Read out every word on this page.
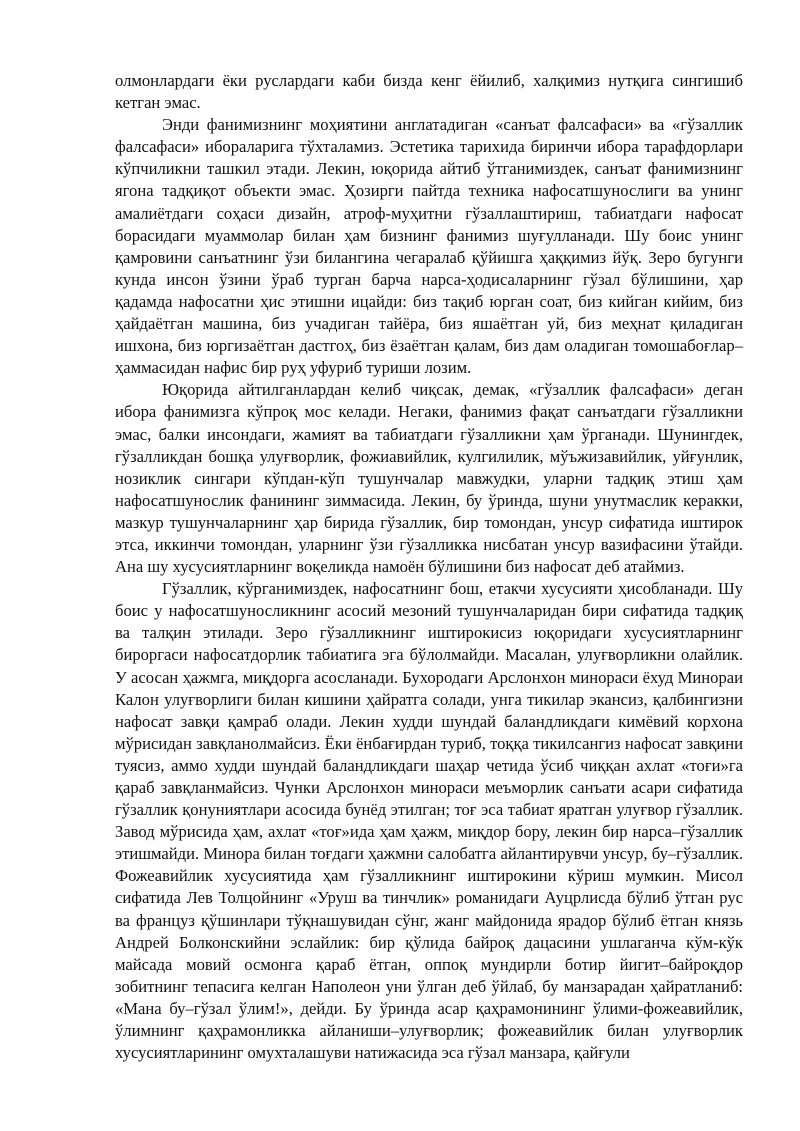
олмонлардаги ёки руслардаги каби бизда кенг ёйилиб, халқимиз нутқига сингишиб кетган эмас.

Энди фанимизнинг моҳиятини англатадиган «санъат фалсафаси» ва «гўзаллик фалсафаси» ибораларига тўхталамиз. Эстетика тарихида биринчи ибора тарафдорлари кўпчиликни ташкил этади. Лекин, юқорида айтиб ўтганимиздек, санъат фанимизнинг ягона тадқиқот объекти эмас. Ҳозирги пайтда техника нафосатшунослиги ва унинг амалиётдаги соҳаси дизайн, атроф-муҳитни гўзаллаштириш, табиатдаги нафосат борасидаги муаммолар билан ҳам бизнинг фанимиз шуғулланади. Шу боис унинг қамровини санъатнинг ўзи билангина чегаралаб қўйишга ҳаққимиз йўқ. Зеро бугунги кунда инсон ўзини ўраб турган барча нарса-ҳодисаларнинг гўзал бўлишини, ҳар қадамда нафосатни ҳис этишни ицайди: биз тақиб юрган соат, биз кийган кийим, биз ҳайдаётган машина, биз учадиган тайёра, биз яшаётган уй, биз меҳнат қиладиган ишхона, биз юргизаётган дастгоҳ, биз ёзаётган қалам, биз дам оладиган томошабоғлар–ҳаммасидан нафис бир руҳ уфуриб туриши лозим.

Юқорида айтилганлардан келиб чиқсак, демак, «гўзаллик фалсафаси» деган ибора фанимизга кўпроқ мос келади. Негаки, фанимиз фақат санъатдаги гўзалликни эмас, балки инсондаги, жамият ва табиатдаги гўзалликни ҳам ўрганади. Шунингдек, гўзалликдан бошқа улуғворлик, фожиавийлик, кулгилилик, мўъжизавийлик, уйғунлик, нозиклик сингари кўпдан-кўп тушунчалар мавжудки, уларни тадқиқ этиш ҳам нафосатшунослик фанининг зиммасида. Лекин, бу ўринда, шуни унутмаслик керакки, мазкур тушунчаларнинг ҳар бирида гўзаллик, бир томондан, унсур сифатида иштирок этса, иккинчи томондан, уларнинг ўзи гўзалликка нисбатан унсур вазифасини ўтайди. Ана шу хусусиятларнинг воқеликда намоён бўлишини биз нафосат деб атаймиз.

Гўзаллик, кўрганимиздек, нафосатнинг бош, етакчи хусусияти ҳисобланади. Шу боис у нафосатшуносликнинг асосий мезоний тушунчаларидан бири сифатида тадқиқ ва талқин этилади. Зеро гўзалликнинг иштирокисиз юқоридаги хусусиятларнинг бироргаси нафосатдорлик табиатига эга бўлолмайди. Масалан, улуғворликни олайлик. У асосан ҳажмга, миқдорга асосланади. Бухородаги Арслонхон минораси ёхуд Минораи Калон улуғворлиги билан кишини ҳайратга солади, унга тикилар экансиз, қалбингизни нафосат завқи қамраб олади. Лекин худди шундай баландликдаги кимёвий корхона мўрисидан завқланолмайсиз. Ёки ёнбағирдан туриб, тоққа тикилсангиз нафосат завқини туясиз, аммо худди шундай баландликдаги шаҳар четида ўсиб чиққан ахлат «тоғи»га қараб завқланмайсиз. Чунки Арслонхон минораси меъморлик санъати асари сифатида гўзаллик қонуниятлари асосида бунёд этилган; тоғ эса табиат яратган улуғвор гўзаллик. Завод мўрисида ҳам, ахлат «тоғ»ида ҳам ҳажм, миқдор бору, лекин бир нарса–гўзаллик этишмайди. Минора билан тоғдаги ҳажмни салобатга айлантирувчи унсур, бу–гўзаллик. Фожеавийлик хусусиятида ҳам гўзалликнинг иштирокини кўриш мумкин. Мисол сифатида Лев Толцойнинг «Уруш ва тинчлик» романидаги Ауцрлисда бўлиб ўтган рус ва француз қўшинлари тўқнашувидан сўнг, жанг майдонида ярадор бўлиб ётган князь Андрей Болконскийни эслайлик: бир қўлида байроқ дацасини ушлаганча кўм-кўк майсада мовий осмонга қараб ётган, оппоқ мундирли ботир йигит–байроқдор зобитнинг тепасига келган Наполеон уни ўлган деб ўйлаб, бу манзарадан ҳайратланиб: «Мана бу–гўзал ўлим!», дейди. Бу ўринда асар қаҳрамонининг ўлими-фожеавийлик, ўлимнинг қаҳрамонликка айланиши–улуғворлик; фожеавийлик билан улуғворлик хусусиятларининг омухталашуви натижасида эса гўзал манзара, қайғули
